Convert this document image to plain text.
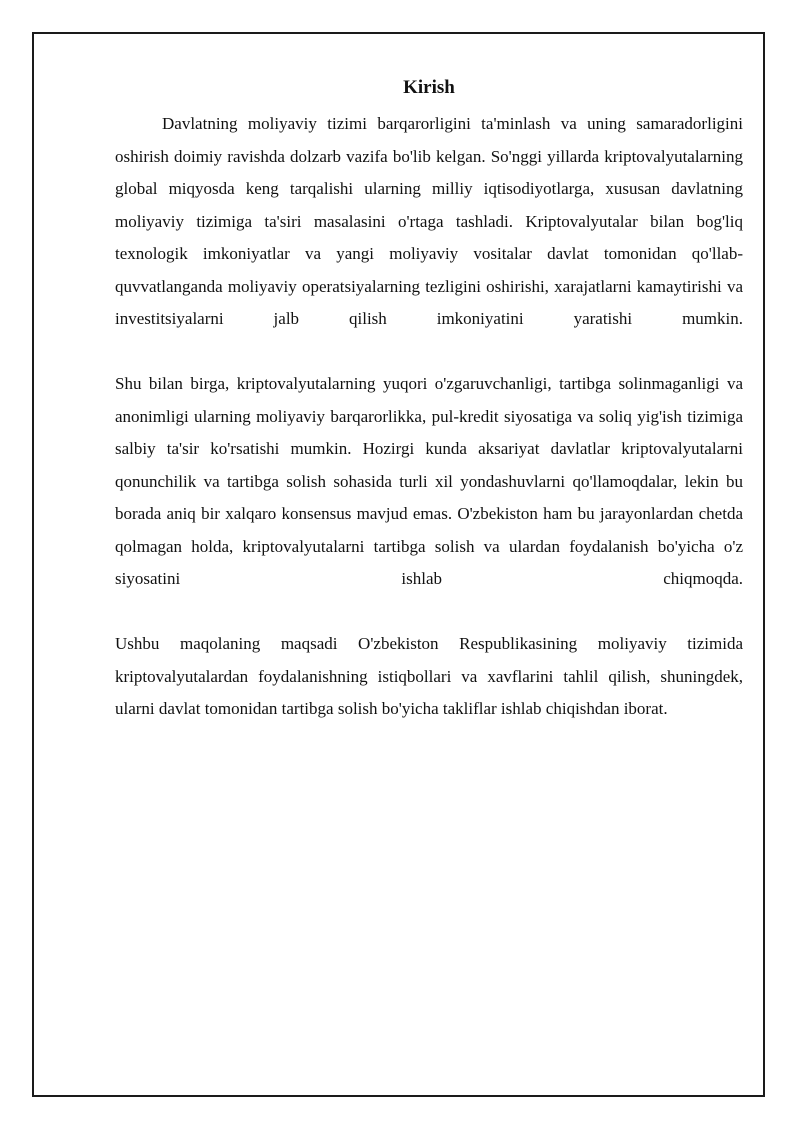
Kirish

Davlatning moliyaviy tizimi barqarorligini ta'minlash va uning samaradorligini oshirish doimiy ravishda dolzarb vazifa bo'lib kelgan. So'nggi yillarda kriptovalyutalarning global miqyosda keng tarqalishi ularning milliy iqtisodiyotlarga, xususan davlatning moliyaviy tizimiga ta'siri masalasini o'rtaga tashladi. Kriptovalyutalar bilan bog'liq texnologik imkoniyatlar va yangi moliyaviy vositalar davlat tomonidan qo'llab-quvvatlanganda moliyaviy operatsiyalarning tezligini oshirishi, xarajatlarni kamaytirishi va investitsiyalarni jalb qilish imkoniyatini yaratishi mumkin.

Shu bilan birga, kriptovalyutalarning yuqori o'zgaruvchanligi, tartibga solinmaganligi va anonimligi ularning moliyaviy barqarorlikka, pul-kredit siyosatiga va soliq yig'ish tizimiga salbiy ta'sir ko'rsatishi mumkin. Hozirgi kunda aksariyat davlatlar kriptovalyutalarni qonunchilik va tartibga solish sohasida turli xil yondashuvlarni qo'llamoqdalar, lekin bu borada aniq bir xalqaro konsensus mavjud emas. O'zbekiston ham bu jarayonlardan chetda qolmagan holda, kriptovalyutalarni tartibga solish va ulardan foydalanish bo'yicha o'z siyosatini ishlab chiqmoqda.

Ushbu maqolaning maqsadi O'zbekiston Respublikasining moliyaviy tizimida kriptovalyutalardan foydalanishning istiqbollari va xavflarini tahlil qilish, shuningdek, ularni davlat tomonidan tartibga solish bo'yicha takliflar ishlab chiqishdan iborat.
